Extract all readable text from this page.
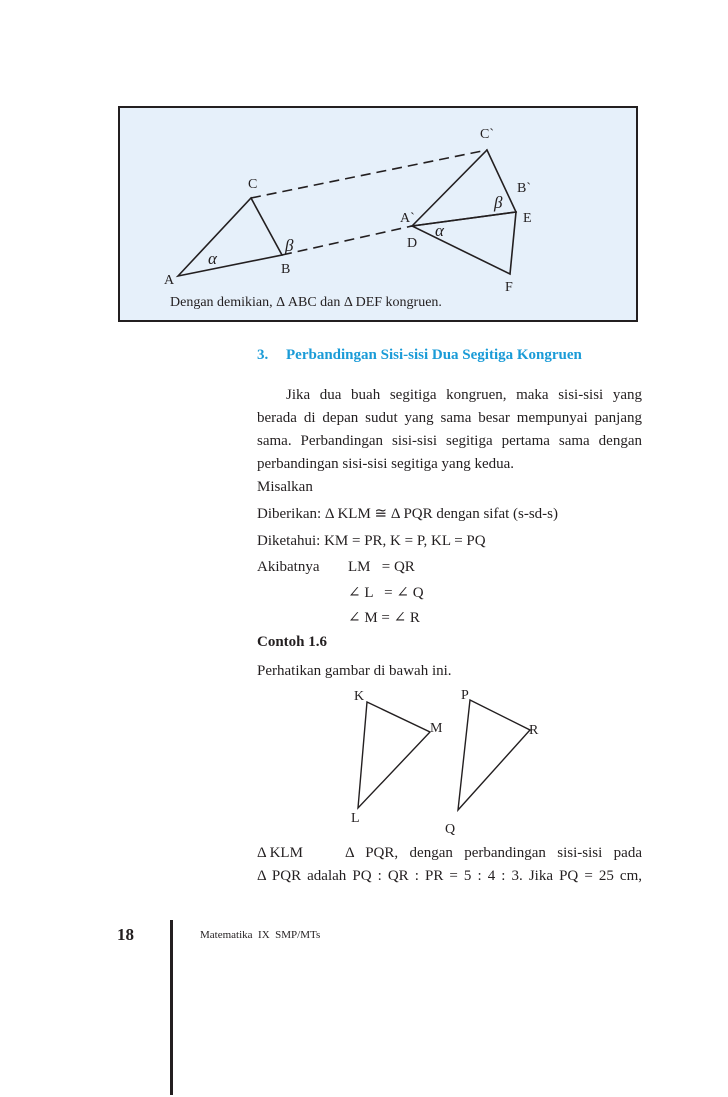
A
B
C
C`
B`
A`
D
E
F
α
β
β
α
Dengan demikian, Δ ABC dan Δ DEF kongruen.
3. Perbandingan Sisi-sisi Dua Segitiga Kongruen
Jika dua buah segitiga kongruen, maka sisi-sisi yang berada di depan sudut yang sama besar mempunyai panjang sama. Perbandingan sisi-sisi segitiga pertama sama dengan perbandingan sisi-sisi segitiga yang kedua.
Misalkan
Diberikan: Δ KLM ≅ Δ PQR dengan sifat (s-sd-s)
Diketahui: KM = PR, K = P, KL = PQ
Akibatnya LM   = QR
∠ L   = ∠ Q
∠ M = ∠ R
Contoh 1.6
Perhatikan gambar di bawah ini.
K
L
M
P
Q
R
Δ KLM	Δ PQR, dengan perbandingan sisi-sisi pada
Δ PQR adalah PQ : QR : PR = 5 : 4 : 3. Jika PQ = 25 cm,
18	Matematika  IX  SMP/MTs
